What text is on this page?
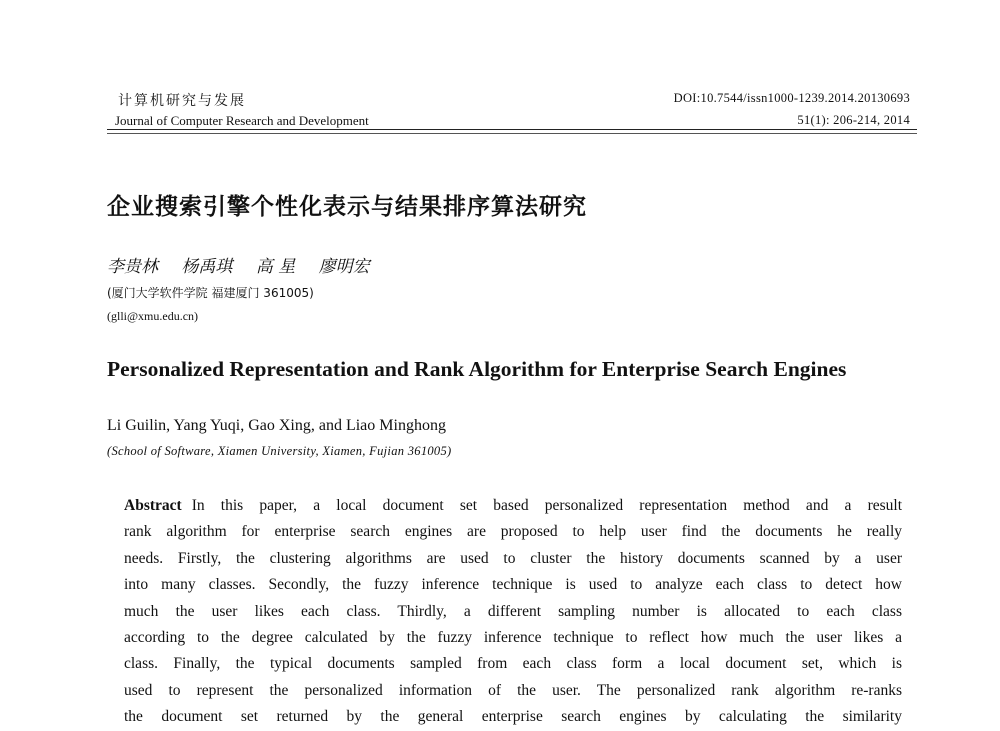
计算机研究与发展
Journal of Computer Research and Development
DOI:10.7544/issn1000-1239.2014.20130693
51(1): 206-214, 2014
企业搜索引擎个性化表示与结果排序算法研究
李贵林 杨禹琪 高 星 廖明宏
(厦门大学软件学院 福建厦门 361005)
(glli@xmu.edu.cn)
Personalized Representation and Rank Algorithm for Enterprise Search Engines
Li Guilin, Yang Yuqi, Gao Xing, and Liao Minghong
(School of Software, Xiamen University, Xiamen, Fujian 361005)
Abstract In this paper, a local document set based personalized representation method and a result
rank algorithm for enterprise search engines are proposed to help user find the documents he really
needs. Firstly, the clustering algorithms are used to cluster the history documents scanned by a user
into many classes. Secondly, the fuzzy inference technique is used to analyze each class to detect how
much the user likes each class. Thirdly, a different sampling number is allocated to each class
according to the degree calculated by the fuzzy inference technique to reflect how much the user likes a
class. Finally, the typical documents sampled from each class form a local document set, which is
used to represent the personalized information of the user. The personalized rank algorithm re-ranks
the document set returned by the general enterprise search engines by calculating the similarity
